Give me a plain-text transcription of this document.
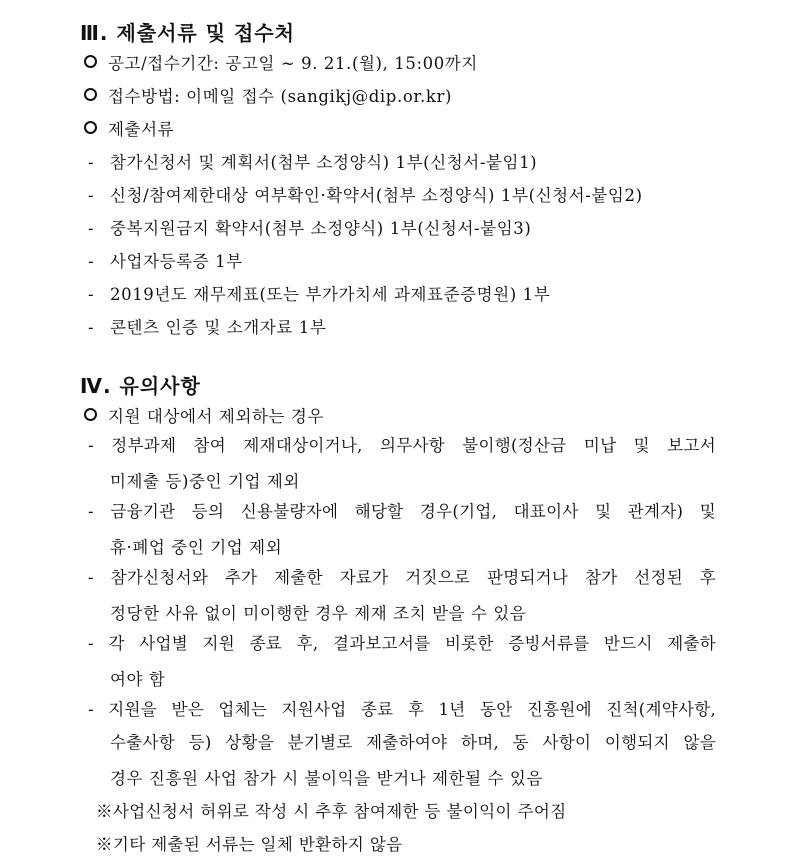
Ⅲ. 제출서류 및 접수처
공고/접수기간: 공고일 ~ 9. 21.(월), 15:00까지
접수방법: 이메일 접수 (sangikj@dip.or.kr)
제출서류
- 참가신청서 및 계획서(첨부 소정양식) 1부(신청서-붙임1)
- 신청/참여제한대상 여부확인·확약서(첨부 소정양식) 1부(신청서-붙임2)
- 중복지원금지 확약서(첨부 소정양식) 1부(신청서-붙임3)
- 사업자등록증 1부
- 2019년도 재무제표(또는 부가가치세 과제표준증명원) 1부
- 콘텐츠 인증 및 소개자료 1부
Ⅳ. 유의사항
지원 대상에서 제외하는 경우
- 정부과제 참여 제재대상이거나, 의무사항 불이행(정산금 미납 및 보고서
미제출 등)중인 기업 제외
- 금융기관 등의 신용불량자에 해당할 경우(기업, 대표이사 및 관계자) 및
휴·폐업 중인 기업 제외
- 참가신청서와 추가 제출한 자료가 거짓으로 판명되거나 참가 선정된 후
정당한 사유 없이 미이행한 경우 제재 조치 받을 수 있음
- 각 사업별 지원 종료 후, 결과보고서를 비롯한 증빙서류를 반드시 제출하
여야 함
- 지원을 받은 업체는 지원사업 종료 후 1년 동안 진흥원에 진척(계약사항,
수출사항 등) 상황을 분기별로 제출하여야 하며, 동 사항이 이행되지 않을
경우 진흥원 사업 참가 시 불이익을 받거나 제한될 수 있음
※사업신청서 허위로 작성 시 추후 참여제한 등 불이익이 주어짐
※기타 제출된 서류는 일체 반환하지 않음
